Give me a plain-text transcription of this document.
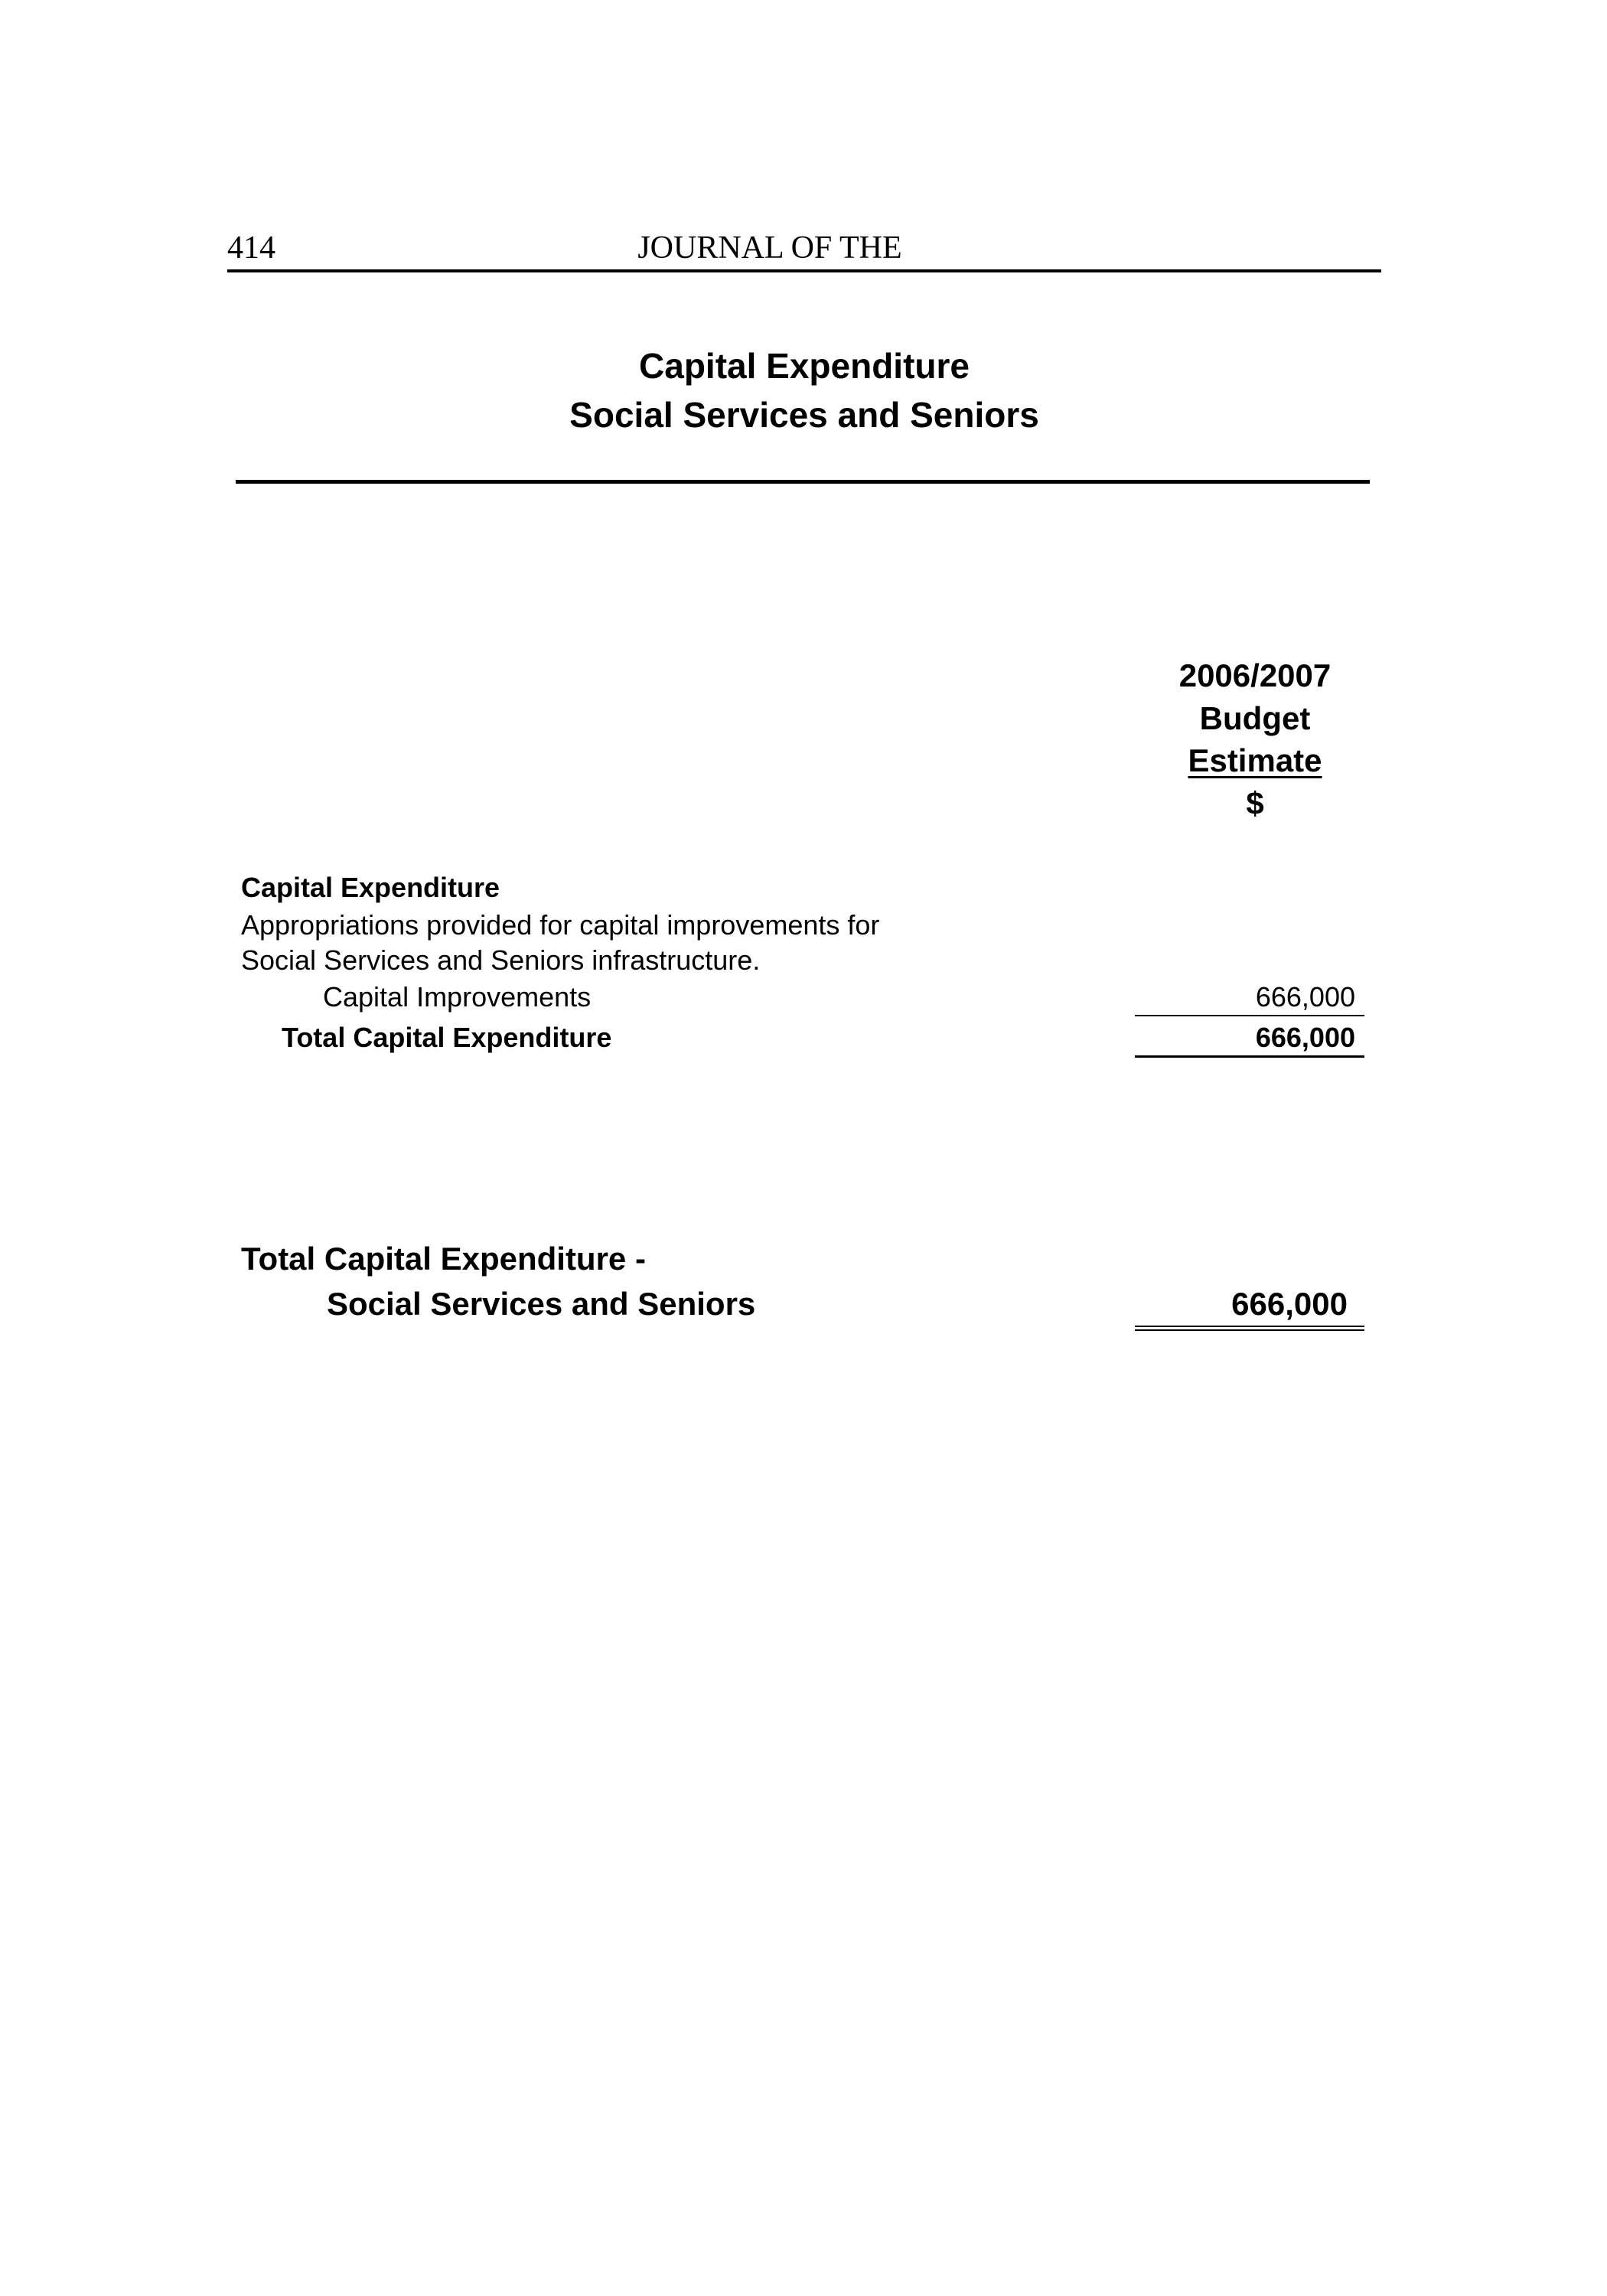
414	JOURNAL OF THE
Capital Expenditure
Social Services and Seniors
2006/2007
Budget
Estimate
$
Capital Expenditure
Appropriations provided for capital improvements for
Social Services and Seniors infrastructure.
Capital Improvements	666,000
Total Capital Expenditure	666,000
Total Capital Expenditure -
Social Services and Seniors	666,000
